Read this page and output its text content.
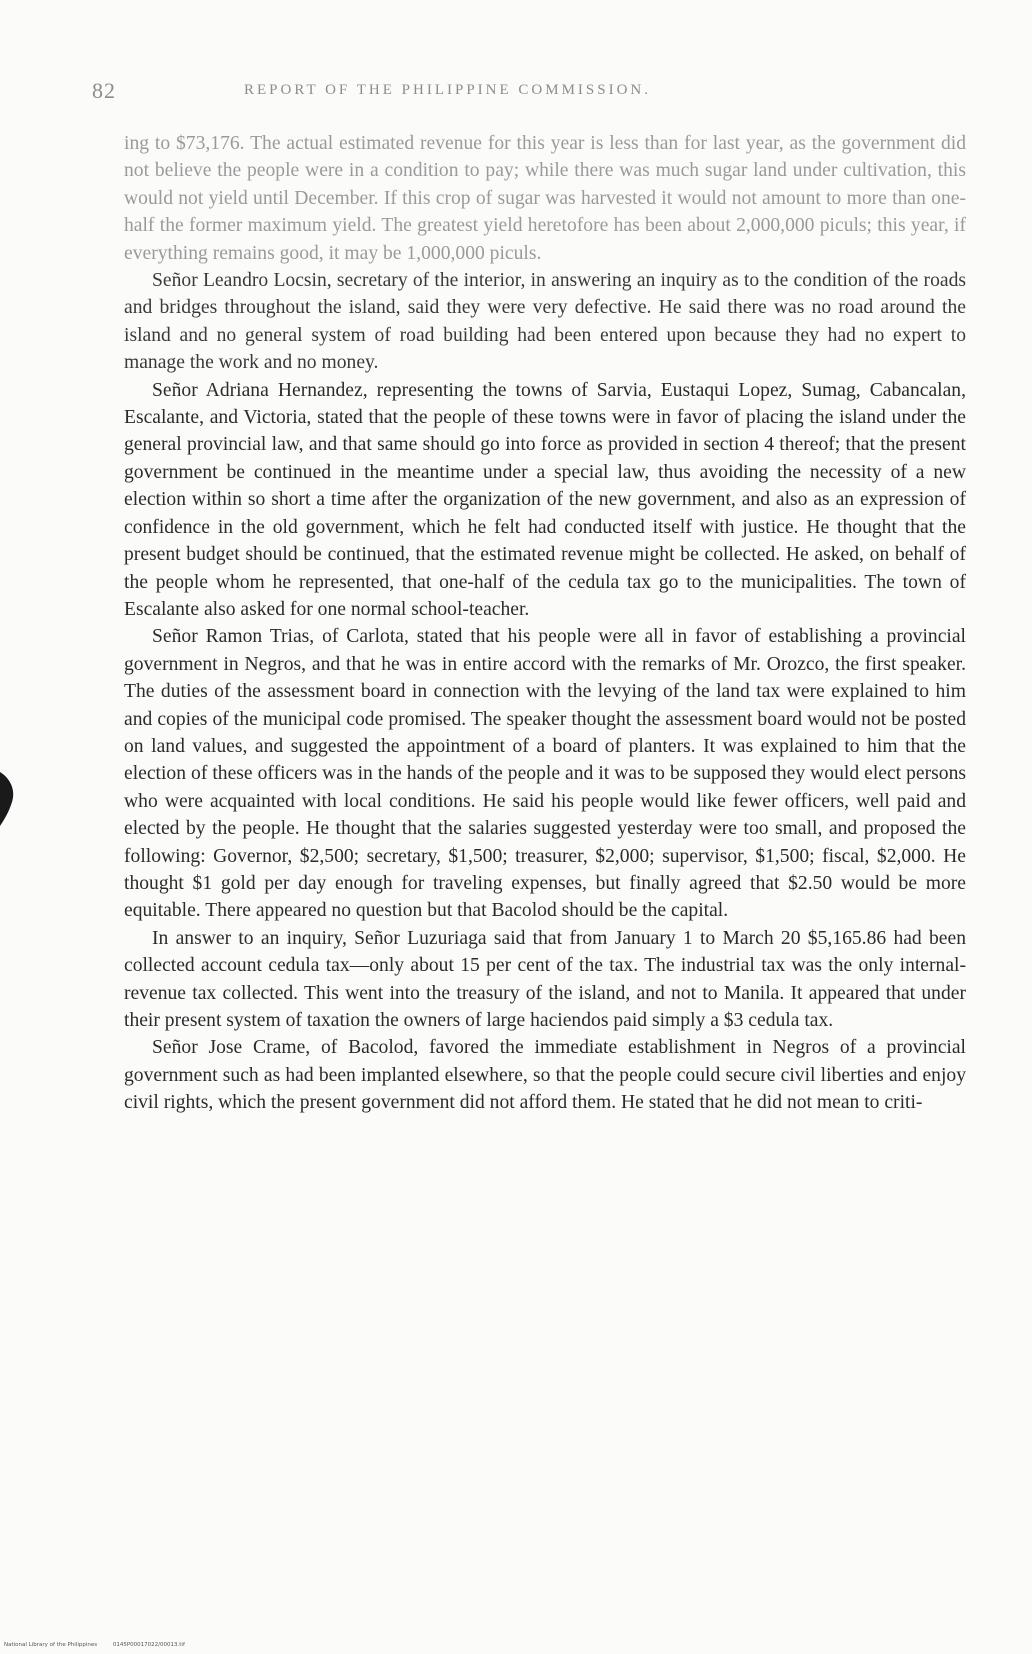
82	REPORT OF THE PHILIPPINE COMMISSION.

ing to $73,176. The actual estimated revenue for this year is less than for last year, as the government did not believe the people were in a condition to pay; while there was much sugar land under cultivation, this would not yield until December. If this crop of sugar was harvested it would not amount to more than one-half the former maximum yield. The greatest yield heretofore has been about 2,000,000 piculs; this year, if everything remains good, it may be 1,000,000 piculs.

Señor Leandro Locsin, secretary of the interior, in answering an inquiry as to the condition of the roads and bridges throughout the island, said they were very defective. He said there was no road around the island and no general system of road building had been entered upon because they had no expert to manage the work and no money.

Señor Adriana Hernandez, representing the towns of Sarvia, Eustaqui Lopez, Sumag, Cabancalan, Escalante, and Victoria, stated that the people of these towns were in favor of placing the island under the general provincial law, and that same should go into force as provided in section 4 thereof; that the present government be continued in the meantime under a special law, thus avoiding the necessity of a new election within so short a time after the organization of the new government, and also as an expression of confidence in the old government, which he felt had conducted itself with justice. He thought that the present budget should be continued, that the estimated revenue might be collected. He asked, on behalf of the people whom he represented, that one-half of the cedula tax go to the municipalities. The town of Escalante also asked for one normal school-teacher.

Señor Ramon Trias, of Carlota, stated that his people were all in favor of establishing a provincial government in Negros, and that he was in entire accord with the remarks of Mr. Orozco, the first speaker. The duties of the assessment board in connection with the levying of the land tax were explained to him and copies of the municipal code promised. The speaker thought the assessment board would not be posted on land values, and suggested the appointment of a board of planters. It was explained to him that the election of these officers was in the hands of the people and it was to be supposed they would elect persons who were acquainted with local conditions. He said his people would like fewer officers, well paid and elected by the people. He thought that the salaries suggested yesterday were too small, and proposed the following: Governor, $2,500; secretary, $1,500; treasurer, $2,000; supervisor, $1,500; fiscal, $2,000. He thought $1 gold per day enough for traveling expenses, but finally agreed that $2.50 would be more equitable. There appeared no question but that Bacolod should be the capital.

In answer to an inquiry, Señor Luzuriaga said that from January 1 to March 20 $5,165.86 had been collected account cedula tax—only about 15 per cent of the tax. The industrial tax was the only internal-revenue tax collected. This went into the treasury of the island, and not to Manila. It appeared that under their present system of taxation the owners of large haciendos paid simply a $3 cedula tax.

Señor Jose Crame, of Bacolod, favored the immediate establishment in Negros of a provincial government such as had been implanted elsewhere, so that the people could secure civil liberties and enjoy civil rights, which the present government did not afford them. He stated that he did not mean to criti-

National Library of the Philippines	0145P00017022/00013.tif
